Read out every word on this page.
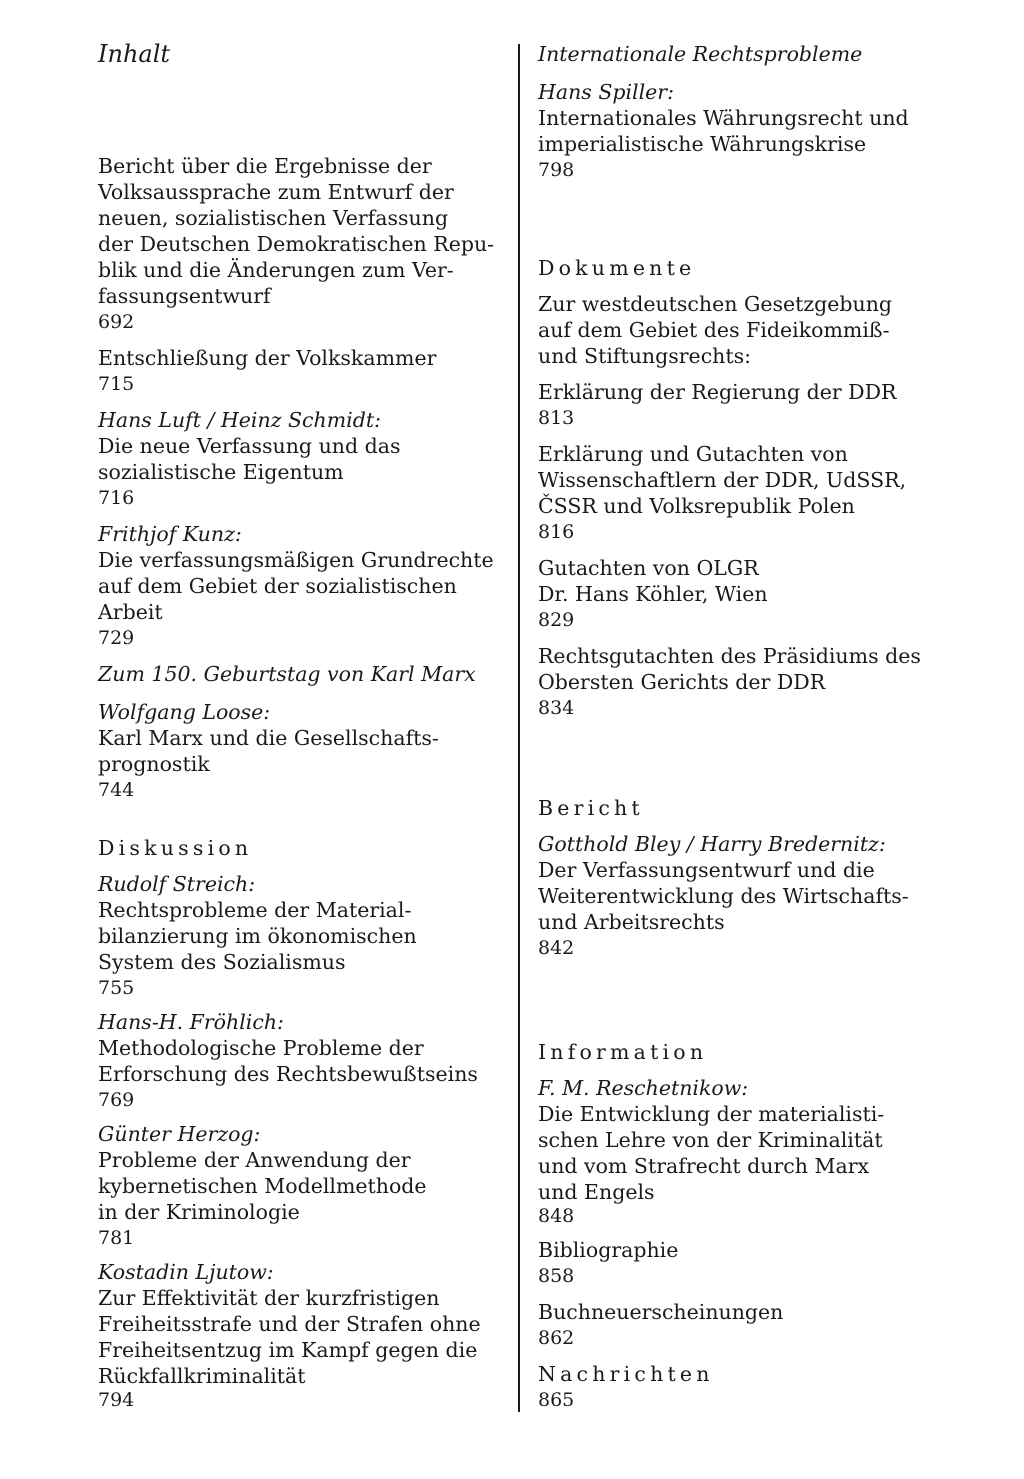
Inhalt
Bericht über die Ergebnisse der
Volksaussprache zum Entwurf der
neuen, sozialistischen Verfassung
der Deutschen Demokratischen Repu-
blik und die Änderungen zum Ver-
fassungsentwurf
692
Entschließung der Volkskammer
715
Hans Luft / Heinz Schmidt:
Die neue Verfassung und das
sozialistische Eigentum
716
Frithjof Kunz:
Die verfassungsmäßigen Grundrechte
auf dem Gebiet der sozialistischen
Arbeit
729
Zum 150. Geburtstag von Karl Marx
Wolfgang Loose:
Karl Marx und die Gesellschafts-
prognostik
744
Diskussion
Rudolf Streich:
Rechtsprobleme der Material-
bilanzierung im ökonomischen
System des Sozialismus
755
Hans-H. Fröhlich:
Methodologische Probleme der
Erforschung des Rechtsbewußtseins
769
Günter Herzog:
Probleme der Anwendung der
kybernetischen Modellmethode
in der Kriminologie
781
Kostadin Ljutow:
Zur Effektivität der kurzfristigen
Freiheitsstrafe und der Strafen ohne
Freiheitsentzug im Kampf gegen die
Rückfallkriminalität
794
Internationale Rechtsprobleme
Hans Spiller:
Internationales Währungsrecht und
imperialistische Währungskrise
798
Dokumente
Zur westdeutschen Gesetzgebung
auf dem Gebiet des Fideikommiß-
und Stiftungsrechts:
Erklärung der Regierung der DDR
813
Erklärung und Gutachten von
Wissenschaftlern der DDR, UdSSR,
ČSSR und Volksrepublik Polen
816
Gutachten von OLGR
Dr. Hans Köhler, Wien
829
Rechtsgutachten des Präsidiums des
Obersten Gerichts der DDR
834
Bericht
Gotthold Bley / Harry Bredernitz:
Der Verfassungsentwurf und die
Weiterentwicklung des Wirtschafts-
und Arbeitsrechts
842
Information
F. M. Reschetnikow:
Die Entwicklung der materialisti-
schen Lehre von der Kriminalität
und vom Strafrecht durch Marx
und Engels
848
Bibliographie
858
Buchneuerscheinungen
862
Nachrichten
865
